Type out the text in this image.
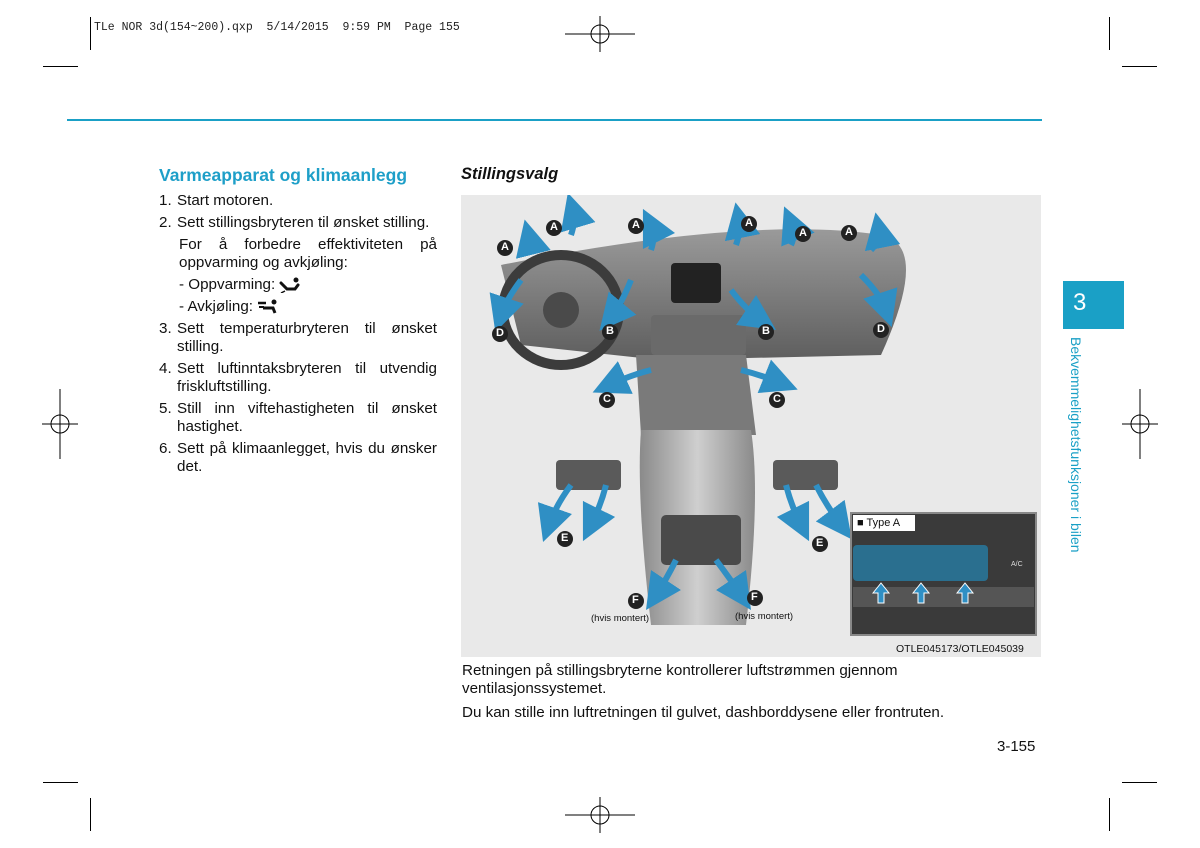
TLe NOR 3d(154~200).qxp  5/14/2015  9:59 PM  Page 155
Varmeapparat og klimaanlegg
1. Start motoren.
2. Sett stillingsbryteren til ønsket stilling.
For å forbedre effektiviteten på oppvarming og avkjøling:
- Oppvarming:
- Avkjøling:
3. Sett temperaturbryteren til ønsket stilling.
4. Sett luftinntaksbryteren til utvendig friskluftstilling.
5. Still inn viftehastigheten til ønsket hastighet.
6. Sett på klimaanlegget, hvis du ønsker det.
Stillingsvalg
A	A	A
A	A
A
B	B
C	C
D	D
E	E
F	F
(hvis montert)	(hvis montert)
■ Type A
A/C
OTLE045173/OTLE045039

Retningen på stillingsbryterne kontrollerer luftstrømmen gjennom ventilasjonssystemet.

Du kan stille inn luftretningen til gulvet, dashborddysene eller frontruten.

3-155
3
Bekvemmelighetsfunksjoner i bilen
